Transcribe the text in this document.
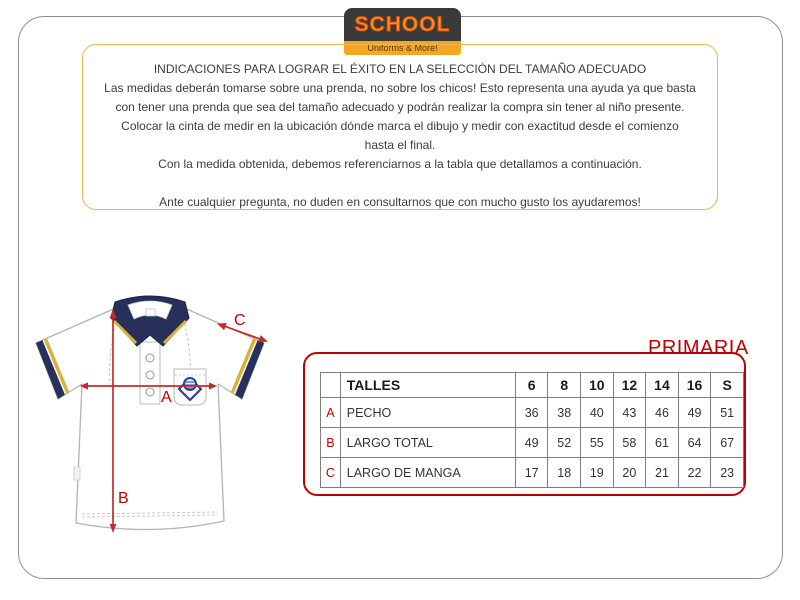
SCHOOL
Uniforms & More!
INDICACIONES PARA LOGRAR EL ÉXITO EN LA SELECCIÓN DEL TAMAÑO ADECUADO
Las medidas deberán tomarse sobre una prenda, no sobre los chicos! Esto representa una ayuda ya que basta
con tener una prenda que sea del tamaño adecuado y podrán realizar la compra sin tener al niño presente.
Colocar la cinta de medir en la ubicación dónde marca el dibujo y medir con exactitud desde el comienzo
hasta el final.
Con la medida obtenida, debemos referenciarnos a la tabla que detallamos a continuación.
Ante cualquier pregunta, no duden en consultarnos que con mucho gusto los ayudaremos!
A
B
C
PRIMARIA
	TALLES	6	8	10	12	14	16	S
A	PECHO	36	38	40	43	46	49	51
B	LARGO TOTAL	49	52	55	58	61	64	67
C	LARGO DE MANGA	17	18	19	20	21	22	23
